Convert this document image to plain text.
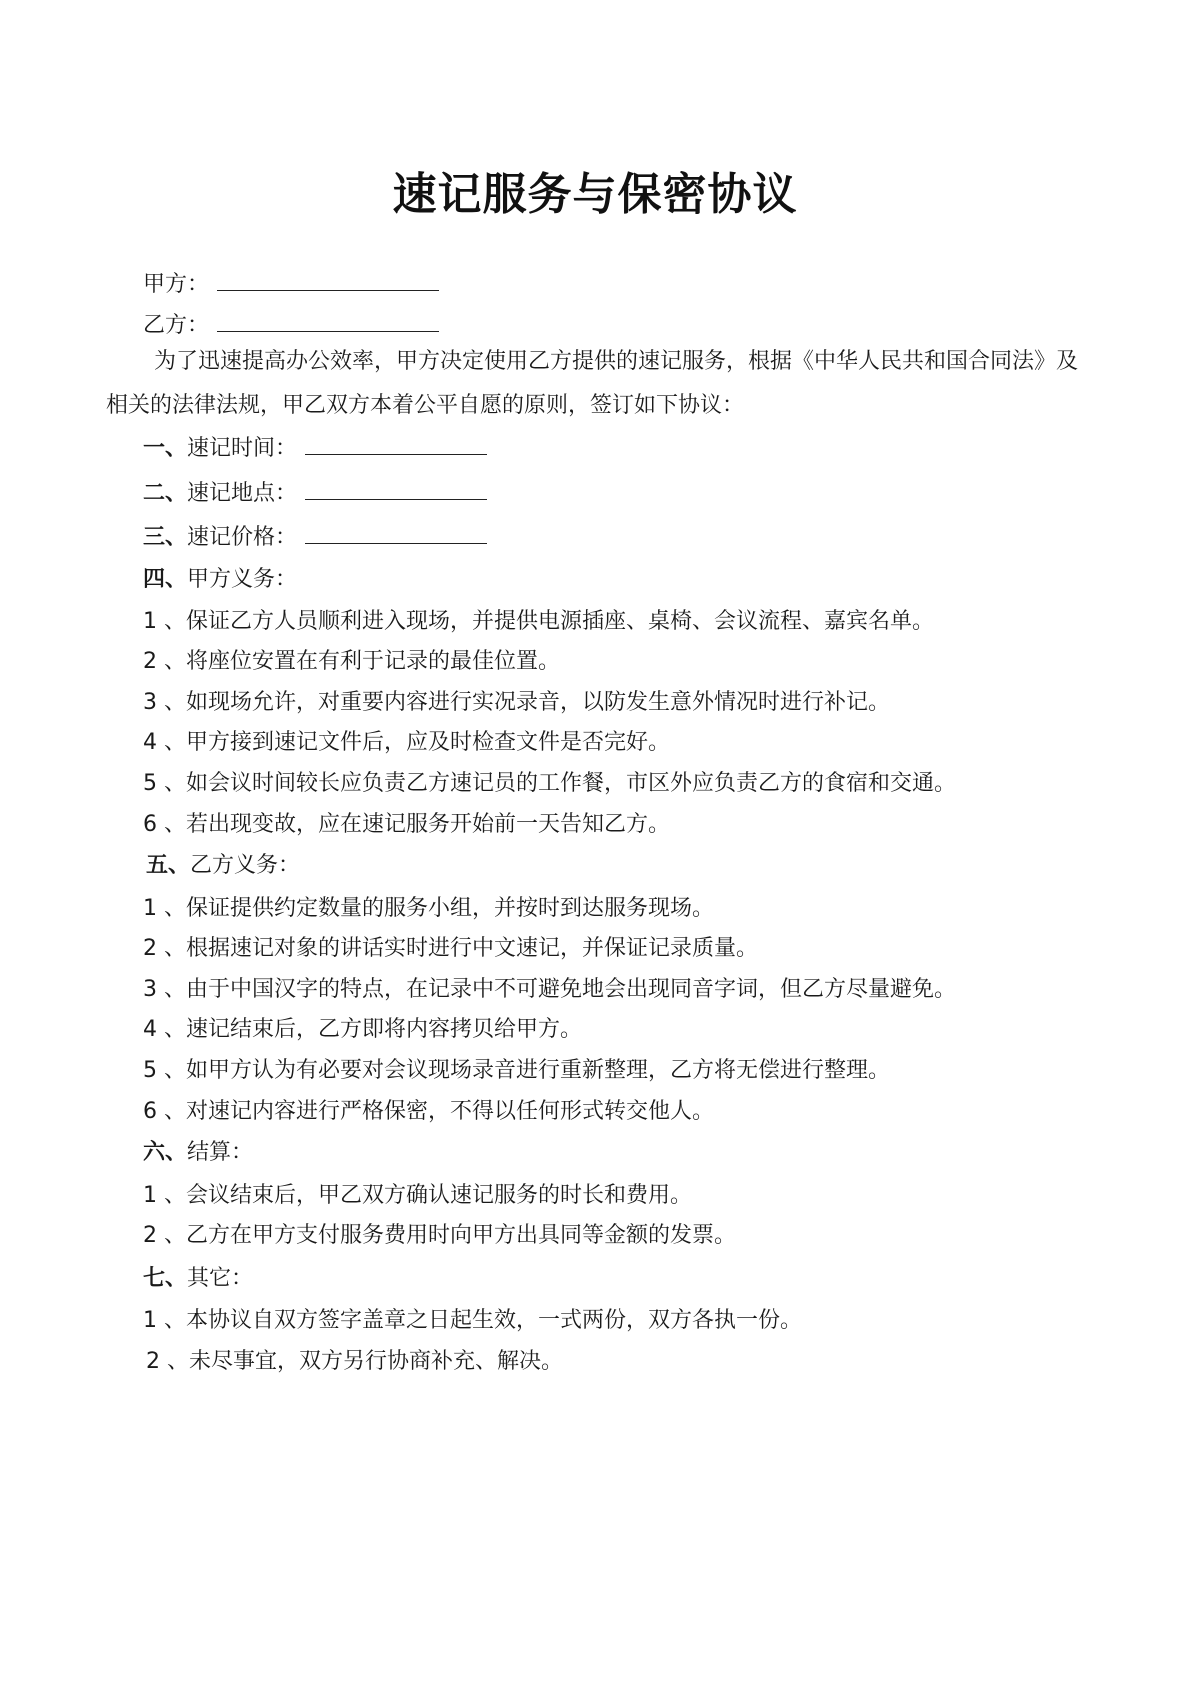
速记服务与保密协议
甲方：
乙方：
为了迅速提高办公效率，甲方决定使用乙方提供的速记服务，根据《中华人民共和国合同法》及相关的法律法规，甲乙双方本着公平自愿的原则，签订如下协议：
一、速记时间：
二、速记地点：
三、速记价格：
四、甲方义务：
1 、保证乙方人员顺利进入现场，并提供电源插座、桌椅、会议流程、嘉宾名单。
2 、将座位安置在有利于记录的最佳位置。
3 、如现场允许，对重要内容进行实况录音，以防发生意外情况时进行补记。
4 、甲方接到速记文件后，应及时检查文件是否完好。
5 、如会议时间较长应负责乙方速记员的工作餐，市区外应负责乙方的食宿和交通。
6 、若出现变故，应在速记服务开始前一天告知乙方。
五、乙方义务：
1 、保证提供约定数量的服务小组，并按时到达服务现场。
2 、根据速记对象的讲话实时进行中文速记，并保证记录质量。
3 、由于中国汉字的特点，在记录中不可避免地会出现同音字词，但乙方尽量避免。
4 、速记结束后，乙方即将内容拷贝给甲方。
5 、如甲方认为有必要对会议现场录音进行重新整理，乙方将无偿进行整理。
6 、对速记内容进行严格保密，不得以任何形式转交他人。
六、结算：
1 、会议结束后，甲乙双方确认速记服务的时长和费用。
2 、乙方在甲方支付服务费用时向甲方出具同等金额的发票。
七、其它：
1 、本协议自双方签字盖章之日起生效，一式两份，双方各执一份。
2 、未尽事宜，双方另行协商补充、解决。
